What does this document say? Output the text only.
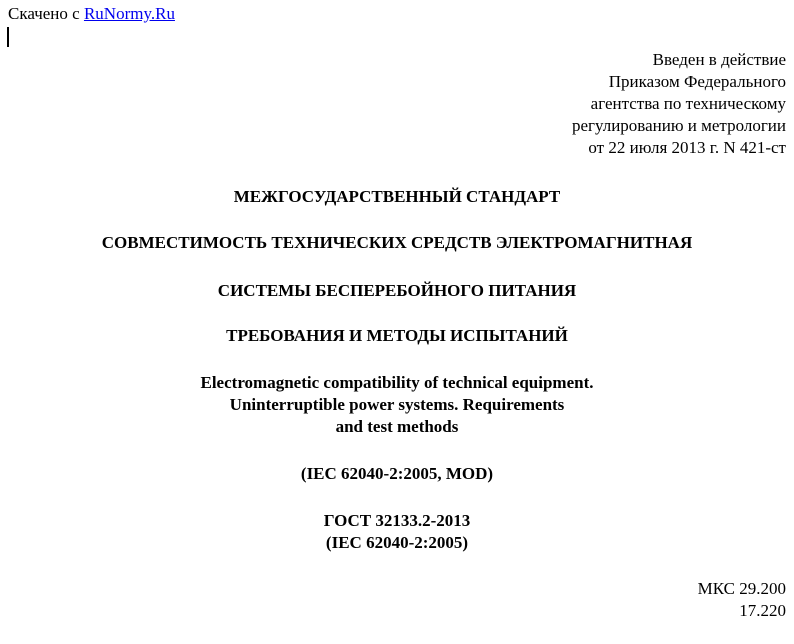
Скачено с RuNormy.Ru
Введен в действие
Приказом Федерального
агентства по техническому
регулированию и метрологии
от 22 июля 2013 г. N 421-ст
МЕЖГОСУДАРСТВЕННЫЙ СТАНДАРТ
СОВМЕСТИМОСТЬ ТЕХНИЧЕСКИХ СРЕДСТВ ЭЛЕКТРОМАГНИТНАЯ
СИСТЕМЫ БЕСПЕРЕБОЙНОГО ПИТАНИЯ
ТРЕБОВАНИЯ И МЕТОДЫ ИСПЫТАНИЙ
Electromagnetic compatibility of technical equipment.
Uninterruptible power systems. Requirements
and test methods
(IEC 62040-2:2005, MOD)
ГОСТ 32133.2-2013
(IEC 62040-2:2005)
МКС 29.200
17.220
